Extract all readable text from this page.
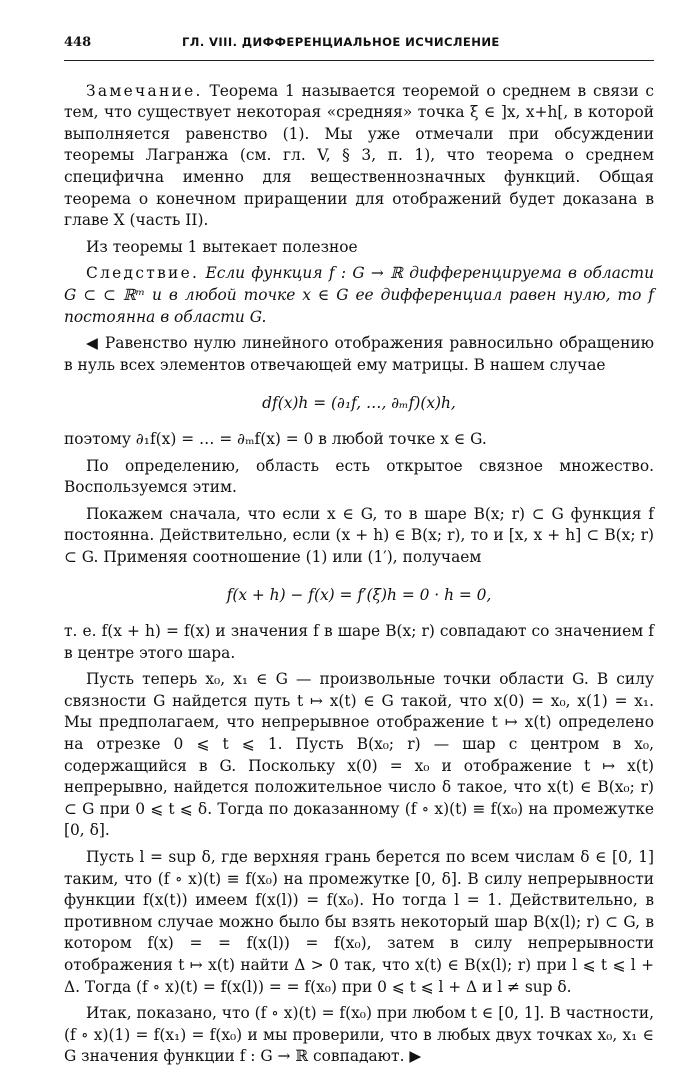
448	ГЛ. VIII. ДИФФЕРЕНЦИАЛЬНОЕ ИСЧИСЛЕНИЕ

Замечание. Теорема 1 называется теоремой о среднем в связи с тем, что существует некоторая «средняя» точка ξ ∈ ]x, x+h[, в которой выполняется равенство (1). Мы уже отмечали при обсуждении теоремы Лагранжа (см. гл. V, § 3, п. 1), что теорема о среднем специфична именно для вещественнозначных функций. Общая теорема о конечном приращении для отображений будет доказана в главе X (часть II).

Из теоремы 1 вытекает полезное

Следствие. Если функция f : G → ℝ дифференцируема в области G ⊂ ⊂ ℝᵐ и в любой точке x ∈ G ее дифференциал равен нулю, то f постоянна в области G.

◀ Равенство нулю линейного отображения равносильно обращению в нуль всех элементов отвечающей ему матрицы. В нашем случае

df(x)h = (∂₁f, …, ∂ₘf)(x)h,

поэтому ∂₁f(x) = … = ∂ₘf(x) = 0 в любой точке x ∈ G.

По определению, область есть открытое связное множество. Воспользуемся этим.

Покажем сначала, что если x ∈ G, то в шаре B(x; r) ⊂ G функция f постоянна. Действительно, если (x + h) ∈ B(x; r), то и [x, x + h] ⊂ B(x; r) ⊂ G. Применяя соотношение (1) или (1′), получаем

f(x + h) − f(x) = f′(ξ)h = 0 · h = 0,

т. е. f(x + h) = f(x) и значения f в шаре B(x; r) совпадают со значением f в центре этого шара.

Пусть теперь x₀, x₁ ∈ G — произвольные точки области G. В силу связности G найдется путь t ↦ x(t) ∈ G такой, что x(0) = x₀, x(1) = x₁. Мы предполагаем, что непрерывное отображение t ↦ x(t) определено на отрезке 0 ⩽ t ⩽ 1. Пусть B(x₀; r) — шар с центром в x₀, содержащийся в G. Поскольку x(0) = x₀ и отображение t ↦ x(t) непрерывно, найдется положительное число δ такое, что x(t) ∈ B(x₀; r) ⊂ G при 0 ⩽ t ⩽ δ. Тогда по доказанному (f ∘ x)(t) ≡ f(x₀) на промежутке [0, δ].

Пусть l = sup δ, где верхняя грань берется по всем числам δ ∈ [0, 1] таким, что (f ∘ x)(t) ≡ f(x₀) на промежутке [0, δ]. В силу непрерывности функции f(x(t)) имеем f(x(l)) = f(x₀). Но тогда l = 1. Действительно, в противном случае можно было бы взять некоторый шар B(x(l); r) ⊂ G, в котором f(x) = = f(x(l)) = f(x₀), затем в силу непрерывности отображения t ↦ x(t) найти Δ > 0 так, что x(t) ∈ B(x(l); r) при l ⩽ t ⩽ l + Δ. Тогда (f ∘ x)(t) = f(x(l)) = = f(x₀) при 0 ⩽ t ⩽ l + Δ и l ≠ sup δ.

Итак, показано, что (f ∘ x)(t) = f(x₀) при любом t ∈ [0, 1]. В частности, (f ∘ x)(1) = f(x₁) = f(x₀) и мы проверили, что в любых двух точках x₀, x₁ ∈ G значения функции f : G → ℝ совпадают. ▶
